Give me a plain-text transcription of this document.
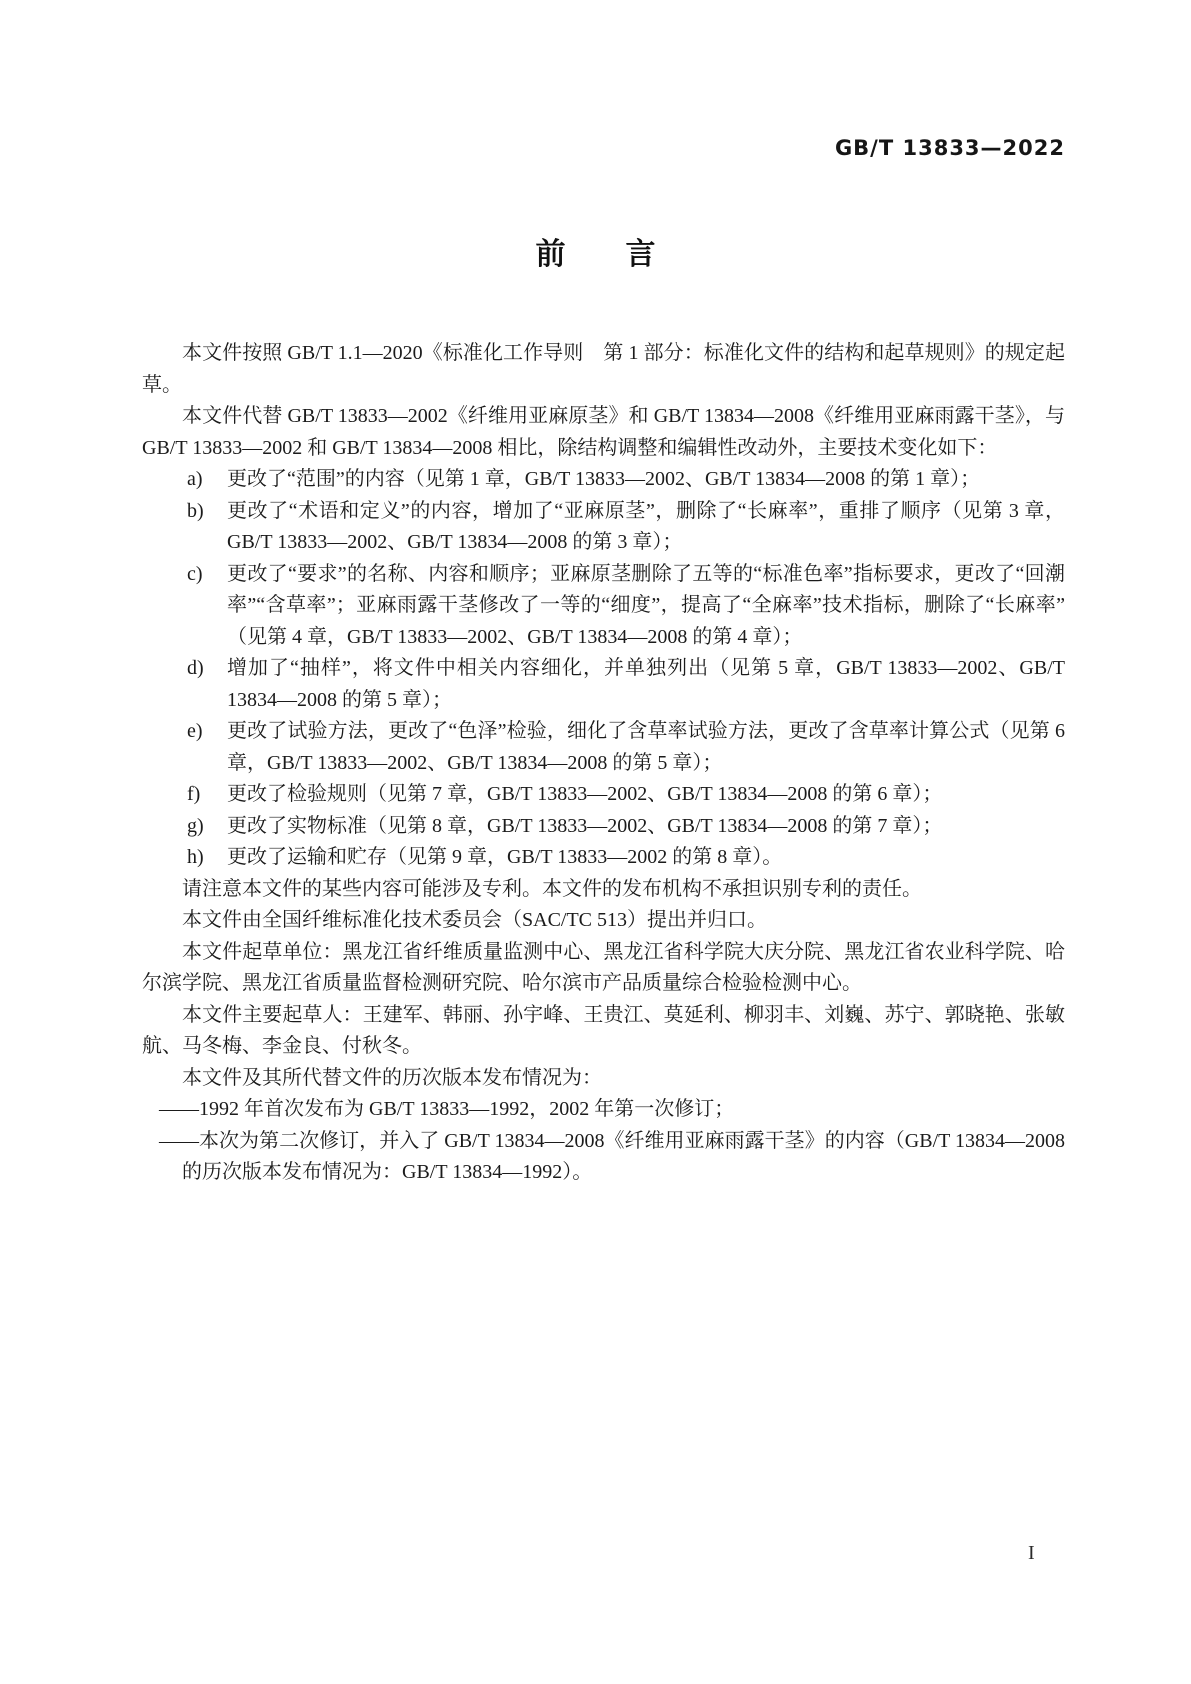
GB/T 13833—2022
前　　言

本文件按照 GB/T 1.1—2020《标准化工作导则　第 1 部分：标准化文件的结构和起草规则》的规定起草。

本文件代替 GB/T 13833—2002《纤维用亚麻原茎》和 GB/T 13834—2008《纤维用亚麻雨露干茎》，与 GB/T 13833—2002 和 GB/T 13834—2008 相比，除结构调整和编辑性改动外，主要技术变化如下：

a)	更改了“范围”的内容（见第 1 章，GB/T 13833—2002、GB/T 13834—2008 的第 1 章）；
b)	更改了“术语和定义”的内容，增加了“亚麻原茎”，删除了“长麻率”，重排了顺序（见第 3 章，GB/T 13833—2002、GB/T 13834—2008 的第 3 章）；
c)	更改了“要求”的名称、内容和顺序；亚麻原茎删除了五等的“标准色率”指标要求，更改了“回潮率”“含草率”；亚麻雨露干茎修改了一等的“细度”，提高了“全麻率”技术指标，删除了“长麻率”（见第 4 章，GB/T 13833—2002、GB/T 13834—2008 的第 4 章）；
d)	增加了“抽样”，将文件中相关内容细化，并单独列出（见第 5 章，GB/T 13833—2002、GB/T 13834—2008 的第 5 章）；
e)	更改了试验方法，更改了“色泽”检验，细化了含草率试验方法，更改了含草率计算公式（见第 6 章，GB/T 13833—2002、GB/T 13834—2008 的第 5 章）；
f)	更改了检验规则（见第 7 章，GB/T 13833—2002、GB/T 13834—2008 的第 6 章）；
g)	更改了实物标准（见第 8 章，GB/T 13833—2002、GB/T 13834—2008 的第 7 章）；
h)	更改了运输和贮存（见第 9 章，GB/T 13833—2002 的第 8 章）。

请注意本文件的某些内容可能涉及专利。本文件的发布机构不承担识别专利的责任。

本文件由全国纤维标准化技术委员会（SAC/TC 513）提出并归口。

本文件起草单位：黑龙江省纤维质量监测中心、黑龙江省科学院大庆分院、黑龙江省农业科学院、哈尔滨学院、黑龙江省质量监督检测研究院、哈尔滨市产品质量综合检验检测中心。

本文件主要起草人：王建军、韩丽、孙宇峰、王贵江、莫延利、柳羽丰、刘巍、苏宁、郭晓艳、张敏航、马冬梅、李金良、付秋冬。

本文件及其所代替文件的历次版本发布情况为：

——1992 年首次发布为 GB/T 13833—1992，2002 年第一次修订；

——本次为第二次修订，并入了 GB/T 13834—2008《纤维用亚麻雨露干茎》的内容（GB/T 13834—2008 的历次版本发布情况为：GB/T 13834—1992）。

I
